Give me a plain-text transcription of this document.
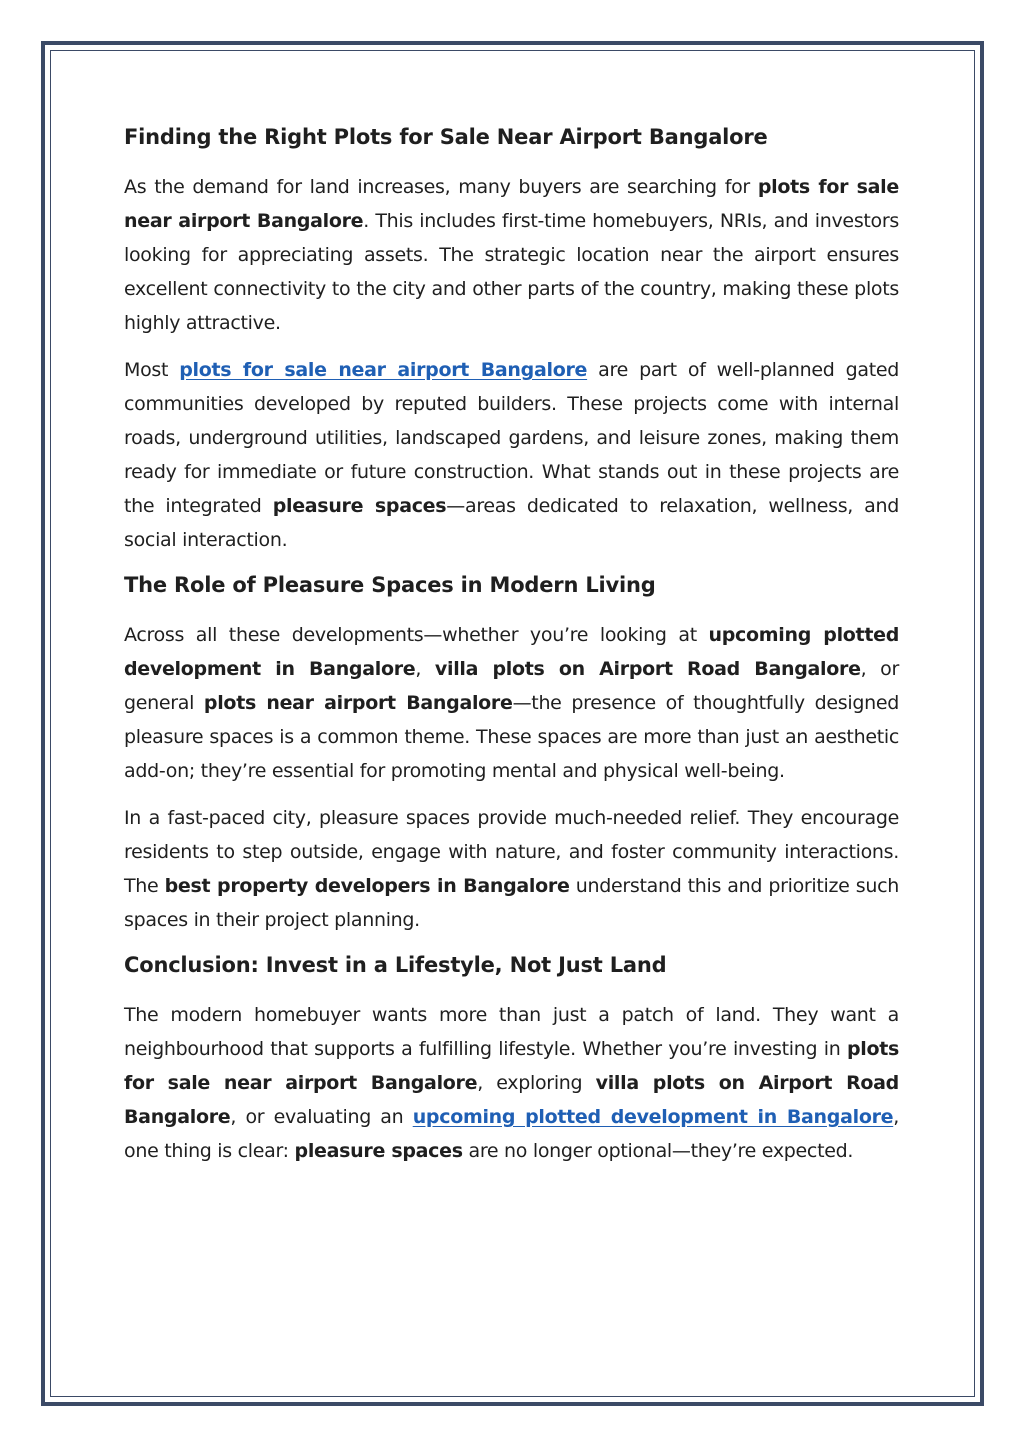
Finding the Right Plots for Sale Near Airport Bangalore

As the demand for land increases, many buyers are searching for plots for sale near airport Bangalore. This includes first-time homebuyers, NRIs, and investors looking for appreciating assets. The strategic location near the airport ensures excellent connectivity to the city and other parts of the country, making these plots highly attractive.

Most plots for sale near airport Bangalore are part of well-planned gated communities developed by reputed builders. These projects come with internal roads, underground utilities, landscaped gardens, and leisure zones, making them ready for immediate or future construction. What stands out in these projects are the integrated pleasure spaces—areas dedicated to relaxation, wellness, and social interaction.

The Role of Pleasure Spaces in Modern Living

Across all these developments—whether you’re looking at upcoming plotted development in Bangalore, villa plots on Airport Road Bangalore, or general plots near airport Bangalore—the presence of thoughtfully designed pleasure spaces is a common theme. These spaces are more than just an aesthetic add-on; they’re essential for promoting mental and physical well-being.

In a fast-paced city, pleasure spaces provide much-needed relief. They encourage residents to step outside, engage with nature, and foster community interactions. The best property developers in Bangalore understand this and prioritize such spaces in their project planning.

Conclusion: Invest in a Lifestyle, Not Just Land

The modern homebuyer wants more than just a patch of land. They want a neighbourhood that supports a fulfilling lifestyle. Whether you’re investing in plots for sale near airport Bangalore, exploring villa plots on Airport Road Bangalore, or evaluating an upcoming plotted development in Bangalore, one thing is clear: pleasure spaces are no longer optional—they’re expected.
